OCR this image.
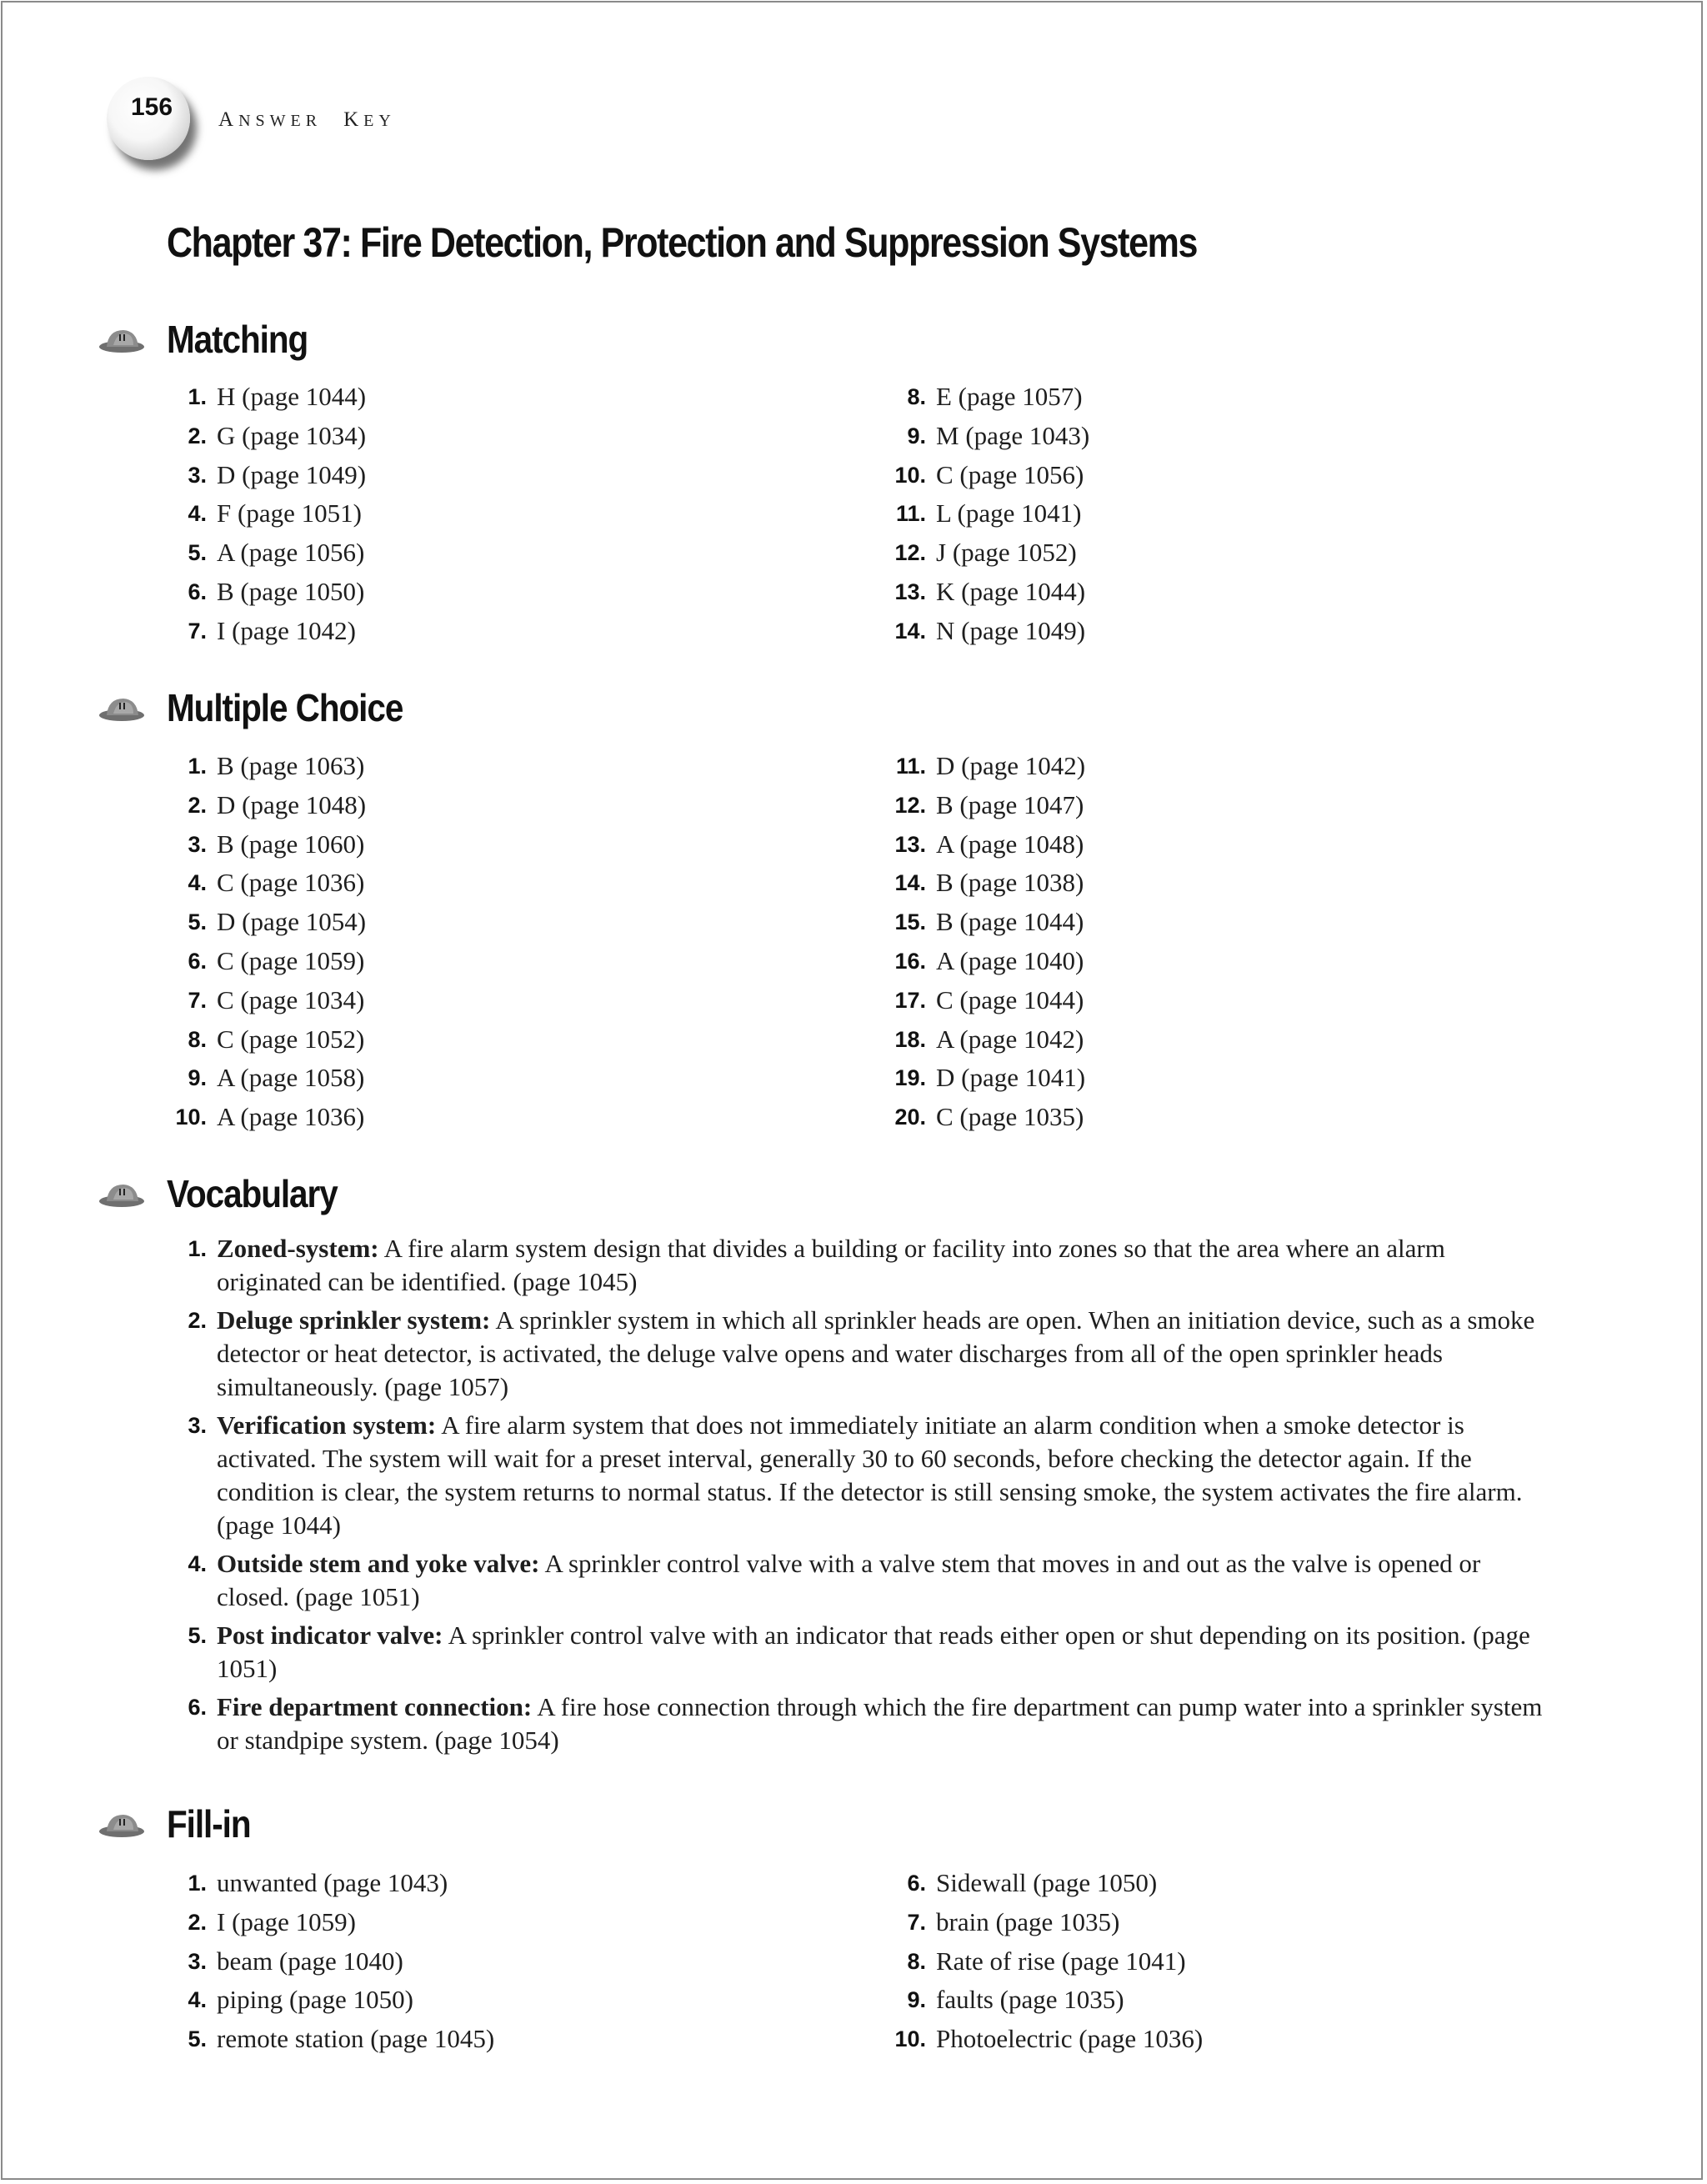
156 answer key
Chapter 37: Fire Detection, Protection and Suppression Systems
Matching
1. H (page 1044)
2. G (page 1034)
3. D (page 1049)
4. F (page 1051)
5. A (page 1056)
6. B (page 1050)
7. I (page 1042)
8. E (page 1057)
9. M (page 1043)
10. C (page 1056)
11. L (page 1041)
12. J (page 1052)
13. K (page 1044)
14. N (page 1049)
Multiple Choice
1. B (page 1063)
2. D (page 1048)
3. B (page 1060)
4. C (page 1036)
5. D (page 1054)
6. C (page 1059)
7. C (page 1034)
8. C (page 1052)
9. A (page 1058)
10. A (page 1036)
11. D (page 1042)
12. B (page 1047)
13. A (page 1048)
14. B (page 1038)
15. B (page 1044)
16. A (page 1040)
17. C (page 1044)
18. A (page 1042)
19. D (page 1041)
20. C (page 1035)
Vocabulary
1. Zoned-system: A fire alarm system design that divides a building or facility into zones so that the area where an alarm originated can be identified. (page 1045)
2. Deluge sprinkler system: A sprinkler system in which all sprinkler heads are open. When an initiation device, such as a smoke detector or heat detector, is activated, the deluge valve opens and water discharges from all of the open sprinkler heads simultaneously. (page 1057)
3. Verification system: A fire alarm system that does not immediately initiate an alarm condition when a smoke detector is activated. The system will wait for a preset interval, generally 30 to 60 seconds, before checking the detector again. If the condition is clear, the system returns to normal status. If the detector is still sensing smoke, the system activates the fire alarm. (page 1044)
4. Outside stem and yoke valve: A sprinkler control valve with a valve stem that moves in and out as the valve is opened or closed. (page 1051)
5. Post indicator valve: A sprinkler control valve with an indicator that reads either open or shut depending on its position. (page 1051)
6. Fire department connection: A fire hose connection through which the fire department can pump water into a sprinkler system or standpipe system. (page 1054)
Fill-in
1. unwanted (page 1043)
2. I (page 1059)
3. beam (page 1040)
4. piping (page 1050)
5. remote station (page 1045)
6. Sidewall (page 1050)
7. brain (page 1035)
8. Rate of rise (page 1041)
9. faults (page 1035)
10. Photoelectric (page 1036)
